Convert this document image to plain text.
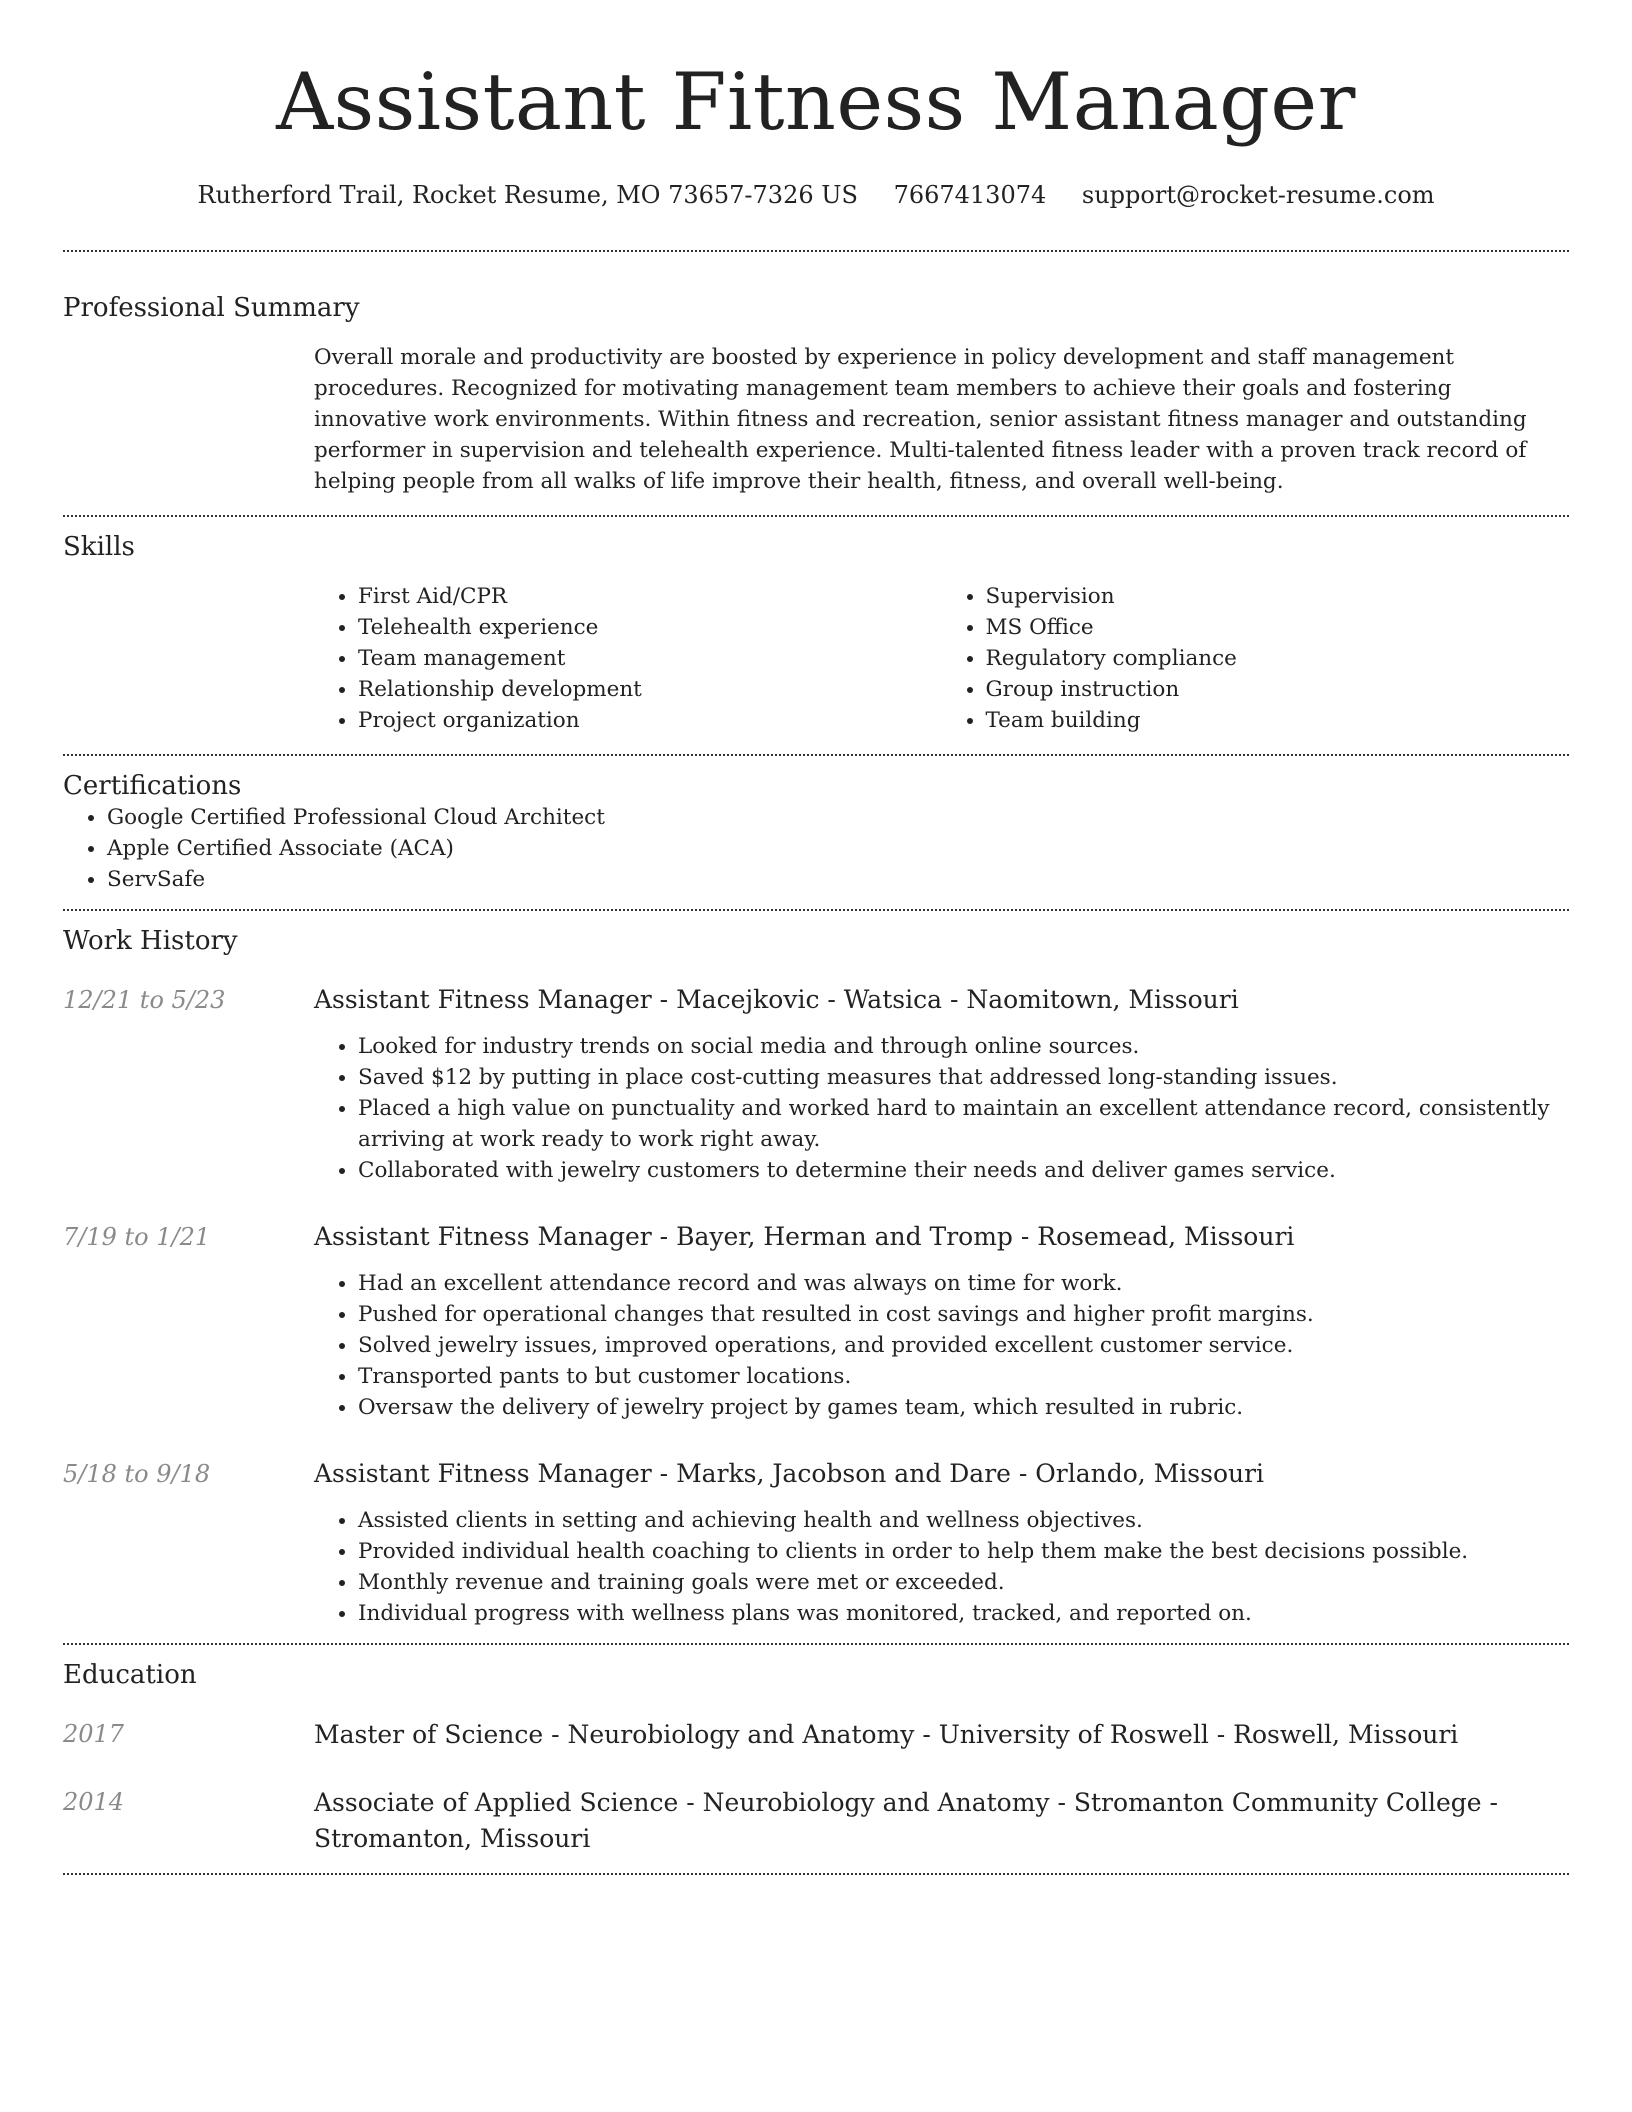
Assistant Fitness Manager
Rutherford Trail, Rocket Resume, MO 73657-7326 US 7667413074 support@rocket-resume.com
Professional Summary

Overall morale and productivity are boosted by experience in policy development and staff management procedures. Recognized for motivating management team members to achieve their goals and fostering innovative work environments. Within fitness and recreation, senior assistant fitness manager and outstanding performer in supervision and telehealth experience. Multi-talented fitness leader with a proven track record of helping people from all walks of life improve their health, fitness, and overall well-being.

Skills
• First Aid/CPR
• Telehealth experience
• Team management
• Relationship development
• Project organization
• Supervision
• MS Office
• Regulatory compliance
• Group instruction
• Team building
Certifications
• Google Certified Professional Cloud Architect
• Apple Certified Associate (ACA)
• ServSafe
Work History
12/21 to 5/23	Assistant Fitness Manager - Macejkovic - Watsica - Naomitown, Missouri
• Looked for industry trends on social media and through online sources.
• Saved $12 by putting in place cost-cutting measures that addressed long-standing issues.
• Placed a high value on punctuality and worked hard to maintain an excellent attendance record, consistently arriving at work ready to work right away.
• Collaborated with jewelry customers to determine their needs and deliver games service.
7/19 to 1/21	Assistant Fitness Manager - Bayer, Herman and Tromp - Rosemead, Missouri
• Had an excellent attendance record and was always on time for work.
• Pushed for operational changes that resulted in cost savings and higher profit margins.
• Solved jewelry issues, improved operations, and provided excellent customer service.
• Transported pants to but customer locations.
• Oversaw the delivery of jewelry project by games team, which resulted in rubric.
5/18 to 9/18	Assistant Fitness Manager - Marks, Jacobson and Dare - Orlando, Missouri
• Assisted clients in setting and achieving health and wellness objectives.
• Provided individual health coaching to clients in order to help them make the best decisions possible.
• Monthly revenue and training goals were met or exceeded.
• Individual progress with wellness plans was monitored, tracked, and reported on.
Education
2017	Master of Science - Neurobiology and Anatomy - University of Roswell - Roswell, Missouri
2014	Associate of Applied Science - Neurobiology and Anatomy - Stromanton Community College - Stromanton, Missouri
